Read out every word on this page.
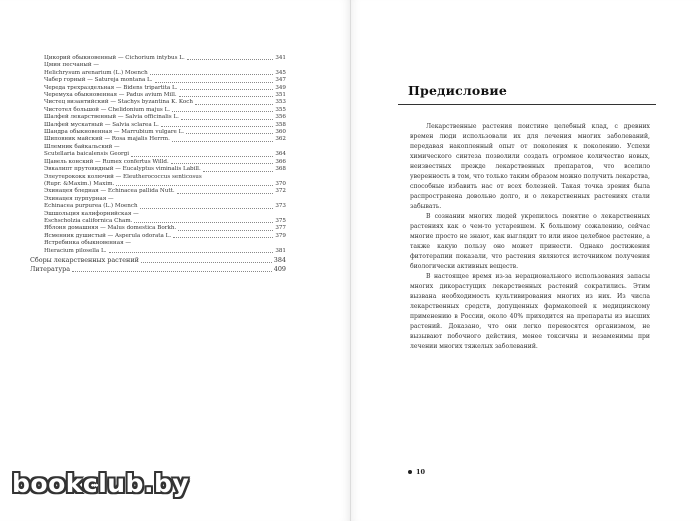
Цикорий обыкновенный — Cichorium intybus L.	341
Цмин песчаный —
Helichrysum arenarium (L.) Moench	345
Чабер горный — Satureja montana L.	347
Череда трехраздельная — Bidens tripartita L.	349
Черемуха обыкновенная — Padus avium Mill.	351
Чистец византийский — Stachys byzantina K. Koch	353
Чистотел большой — Chelidonium majus L.	355
Шалфей лекарственный — Salvia officinalis L.	356
Шалфей мускатный — Salvia sclarea L.	358
Шандра обыкновенная — Marrubium vulgare L.	360
Шиповник майский — Rosa majalis Herrm.	362
Шлемник байкальский —
Scutellaria baicalensis Georgi	364
Щавель конский — Rumex confertus Willd.	366
Эвкалипт прутовидный — Eucalyptus viminalis Labill.	368
Элеутерококк колючий — Eleutherococcus senticosus
(Rupr. &Maxim.) Maxim.	370
Эхинацея бледная — Echinacea pallida Nutt.	372
Эхинацея пурпурная —
Echinacea purpurea (L.) Moench	373
Эшшольция калифорнийская —
Eschscholzia californica Cham.	375
Яблоня домашняя — Malus domestica Borkh.	377
Ясменник душистый — Asperula odorata L.	379
Ястребинка обыкновенная —
Hieracium pilosella L.	381
Сборы лекарственных растений	384
Литература	409
Предисловие

Лекарственные растения поистине целебный клад, с древних времен люди использовали их для лечения многих заболеваний, передавая накопленный опыт от поколения к поколению. Успехи химического синтеза позволили создать огромное количество новых, неизвестных прежде лекарственных препаратов, что вселило уверенность в том, что только таким образом можно получить лекарства, способные избавить нас от всех болезней. Такая точка зрения была распространена довольно долго, и о лекарственных растениях стали забывать.

В сознании многих людей укрепилось понятие о лекарственных растениях как о чем-то устаревшем. К большому сожалению, сейчас многие просто не знают, как выглядит то или иное целебное растение, а также какую пользу оно может принести. Однако достижения фитотерапии показали, что растения являются источником получения биологически активных веществ.

В настоящее время из-за нерационального использования запасы многих дикорастущих лекарственных растений сократились. Этим вызвана необходимость культивирования многих из них. Из числа лекарственных средств, допущенных фармакопеей к медицинскому применению в России, около 40% приходится на препараты из высших растений. Доказано, что они легко переносятся организмом, не вызывают побочного действия, менее токсичны и незаменимы при лечении многих тяжелых заболеваний.

10
bookclub.by
